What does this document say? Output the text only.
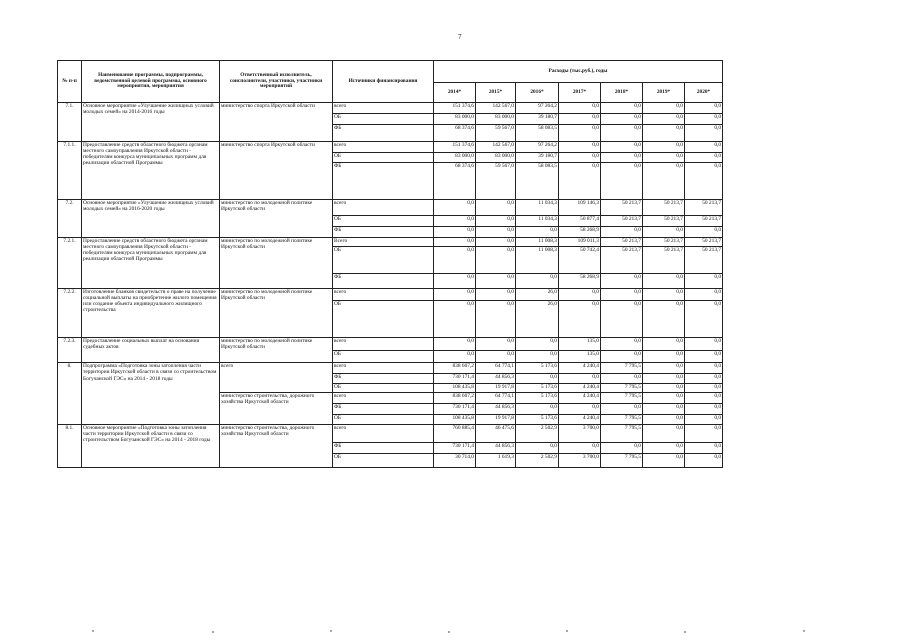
7
№ п-п	Наименование программы, подпрограммы, ведомственной целевой программы, основного мероприятия, мероприятия	Ответственный исполнитель, соисполнители, участники, участники мероприятий	Источники финансирования	Расходы (тыс.руб.), годы						
				2014*	2015*	2016*	2017*	2018*	2019*	2020*
7.1.	Основное мероприятие «Улучшение жилищных условий молодых семей» на 2014-2016 годы	министерство спорта Иркутской области	всего	151 374,6	142 567,0	97 264,2	0,0	0,0	0,0	0,0
			ОБ	83 000,0	83 000,0	39 180,7	0,0	0,0	0,0	0,0
			ФБ	68 374,6	59 567,0	58 083,5	0,0	0,0	0,0	0,0
7.1.1.	Предоставление средств областного бюджета органам местного самоуправления Иркутской области - победителям конкурса муниципальных программ для реализации областной Программы	министерство спорта Иркутской области	всего	151 374,6	142 567,0	97 264,2	0,0	0,0	0,0	0,0
			ОБ	83 000,0	83 000,0	39 180,7	0,0	0,0	0,0	0,0
			ФБ	68 374,6	59 567,0	58 083,5	0,0	0,0	0,0	0,0
7.2.	Основное мероприятие «Улучшение жилищных условий молодых семей» на 2016-2020 годы	министерство по молодежной политике Иркутской области	всего	0,0	0,0	11 034,3	109 146,3	50 213,7	50 213,7	50 213,7
			ОБ	0,0	0,0	11 034,3	50 877,4	50 213,7	50 213,7	50 213,7
			ФБ	0,0	0,0	0,0	58 268,9	0,0	0,0	0,0
7.2.1.	Предоставление средств областного бюджета органам местного самоуправления Иркутской области - победителям конкурса муниципальных программ для реализации областной Программы	министерство по молодежной политике Иркутской области	Всего	0,0	0,0	11 008,3	109 011,3	50 213,7	50 213,7	50 213,7
			ОБ	0,0	0,0	11 008,3	50 742,4	50 213,7	50 213,7	50 213,7
			ФБ	0,0	0,0	0,0	58 268,9	0,0	0,0	0,0
7.2.2.	Изготовление бланков свидетельств о праве на получение социальной выплаты на приобретение жилого помещения или создание объекта индивидуального жилищного строительства	министерство по молодежной политике Иркутской области	всего	0,0	0,0	26,0	0,0	0,0	0,0	0,0
			ОБ	0,0	0,0	26,0	0,0	0,0	0,0	0,0
7.2.3.	Предоставление социальных выплат на основании судебных актов	министерство по молодежной политике Иркутской области	всего	0,0	0,0	0,0	135,0	0,0	0,0	0,0
			ОБ	0,0	0,0	0,0	135,0	0,0	0,0	0,0
8.	Подпрограмма «Подготовка зоны затопления части территории Иркутской области в связи со строительством Богучанской ГЭС» на 2014 - 2018 годы	всего	всего	838 607,2	64 774,1	5 173,6	4 240,4	7 795,5	0,0	0,0
			ФБ	730 171,4	44 856,3	0,0	0,0	0,0	0,0	0,0
			ОБ	108 435,8	19 917,8	5 173,6	4 240,4	7 795,5	0,0	0,0
		министерство строительства, дорожного хозяйства Иркутской области	всего	838 607,2	64 774,1	5 173,6	4 240,4	7 795,5	0,0	0,0
			ФБ	730 171,4	44 856,3	0,0	0,0	0,0	0,0	0,0
			ОБ	108 435,8	19 917,8	5 173,6	4 240,4	7 795,5	0,0	0,0
8.1.	Основное мероприятие «Подготовка зоны затопления части территории Иркутской области в связи со строительством Богучанской ГЭС» на 2014 - 2018 годы	министерство строительства, дорожного хозяйства Иркутской области	всего	760 885,4	46 475,6	2 502,9	3 700,0	7 795,5	0,0	0,0
			ФБ	730 171,4	44 856,3	0,0	0,0	0,0	0,0	0,0
			ОБ	30 714,0	1 619,3	2 502,9	3 700,0	7 795,5	0,0	0,0
